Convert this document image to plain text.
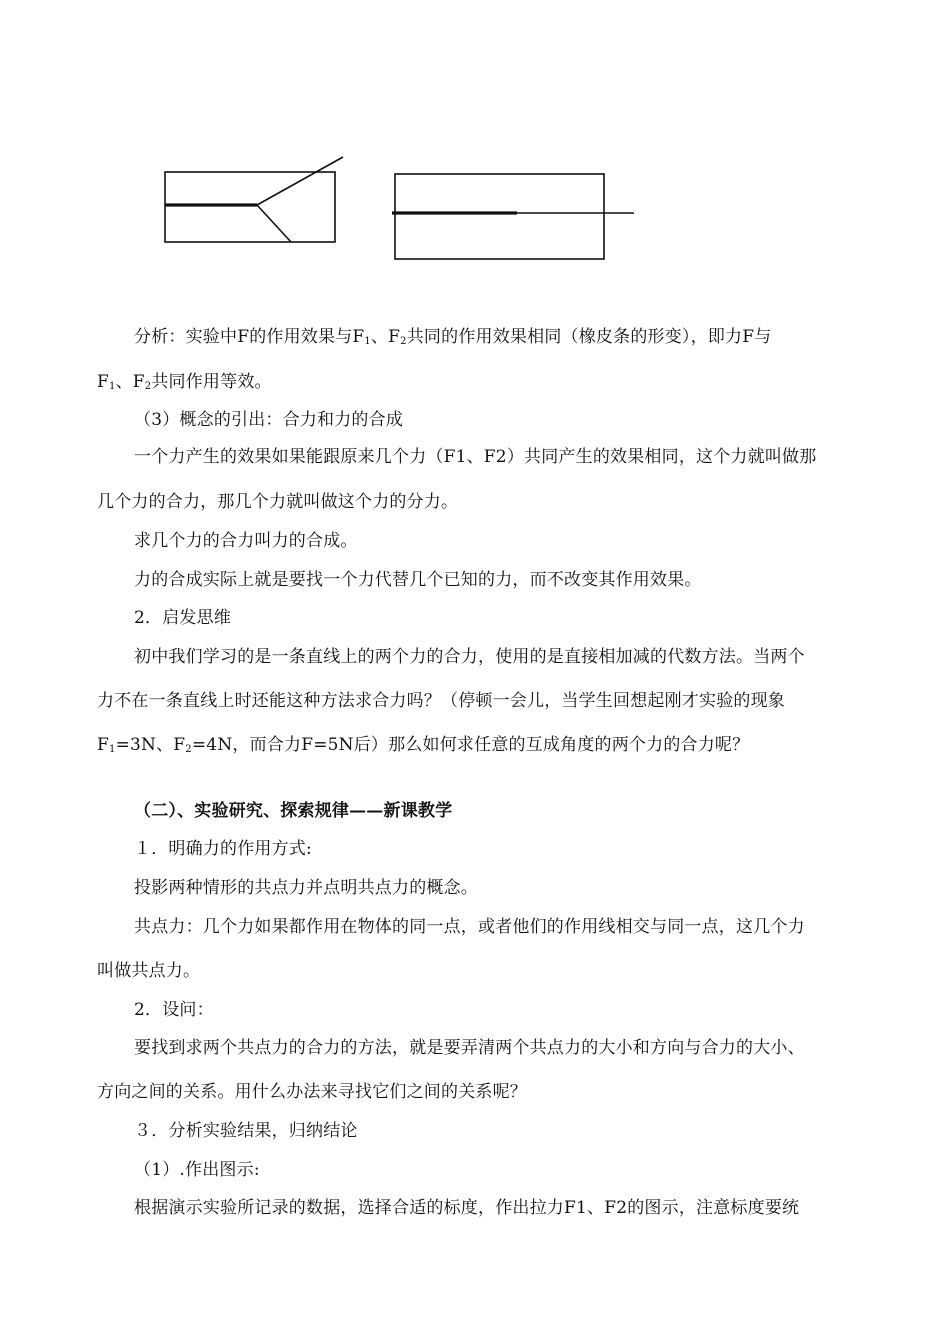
分析：实验中F的作用效果与$F_1$、$F_2$共同的作用效果相同（橡皮条的形变），即力F与
$F_1$、$F_2$共同作用等效。
（3）概念的引出：合力和力的合成
一个力产生的效果如果能跟原来几个力（F1、F2）共同产生的效果相同，这个力就叫做那
几个力的合力，那几个力就叫做这个力的分力。
求几个力的合力叫力的合成。
力的合成实际上就是要找一个力代替几个已知的力，而不改变其作用效果。
2．启发思维
初中我们学习的是一条直线上的两个力的合力，使用的是直接相加减的代数方法。当两个
力不在一条直线上时还能这种方法求合力吗？（停顿一会儿，当学生回想起刚才实验的现象
$F_1=3N$、$F_2=4N$，而合力F=5N后）那么如何求任意的互成角度的两个力的合力呢？
（二）、实验研究、探索规律——新课教学
１．明确力的作用方式:
投影两种情形的共点力并点明共点力的概念。
共点力：几个力如果都作用在物体的同一点，或者他们的作用线相交与同一点，这几个力
叫做共点力。
2．设问：
要找到求两个共点力的合力的方法，就是要弄清两个共点力的大小和方向与合力的大小、
方向之间的关系。用什么办法来寻找它们之间的关系呢？
３．分析实验结果，归纳结论
（1）.作出图示:
根据演示实验所记录的数据，选择合适的标度，作出拉力F1、F2的图示，注意标度要统
